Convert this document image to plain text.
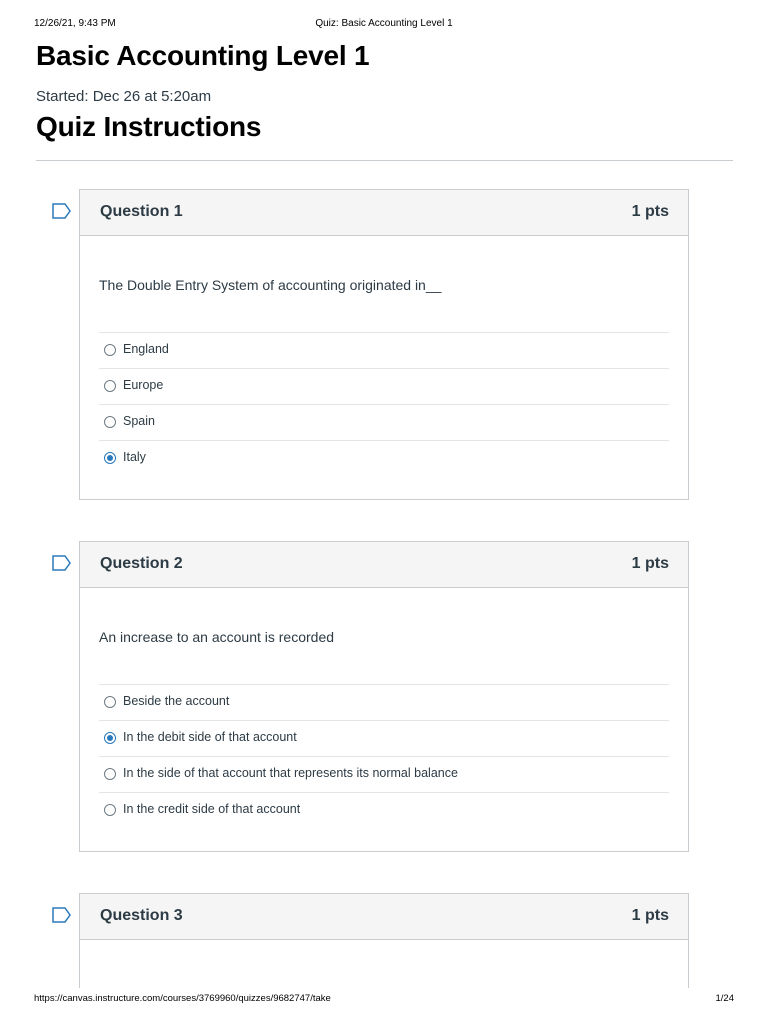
12/26/21, 9:43 PM	Quiz: Basic Accounting Level 1
Basic Accounting Level 1
Started: Dec 26 at 5:20am
Quiz Instructions
Question 1	1 pts
The Double Entry System of accounting originated in__
England
Europe
Spain
Italy
Question 2	1 pts
An increase to an account is recorded
Beside the account
In the debit side of that account
In the side of that account that represents its normal balance
In the credit side of that account
Question 3	1 pts
https://canvas.instructure.com/courses/3769960/quizzes/9682747/take	1/24
